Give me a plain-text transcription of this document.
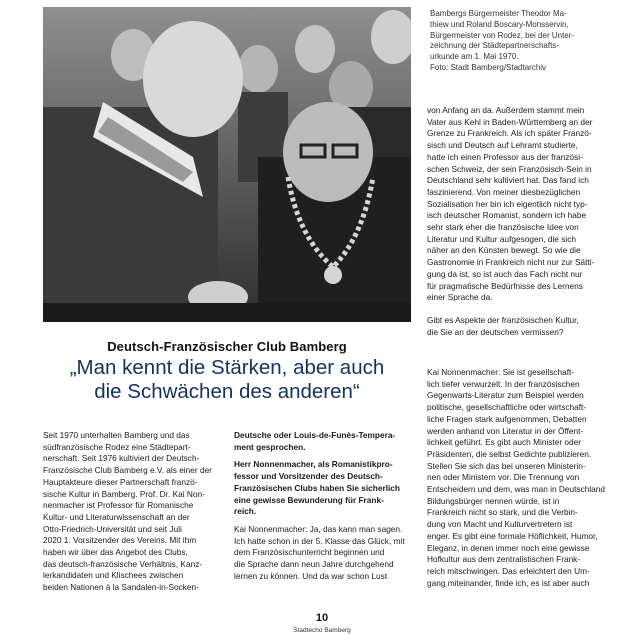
Bambergs Bürgermeister Theodor Ma-
thiew und Roland Boscary-Monsservin,
Bürgermeister von Rodez, bei der Unter-
zeichnung der Städtepartnerschafts-
urkunde am 1. Mai 1970.
Foto: Stadt Bamberg/Stadtarchiv
Deutsch-Französischer Club Bamberg
„Man kennt die Stärken, aber auch
die Schwächen des anderen“
Seit 1970 unterhalten Bamberg und das
südfranzösische Rodez eine Städtepart-
nerschaft. Seit 1976 kultiviert der Deutsch-
Französische Club Bamberg e.V. als einer der
Hauptakteure dieser Partnerschaft franzö-
sische Kultur in Bamberg. Prof. Dr. Kai Non-
nenmacher ist Professor für Romanische
Kultur- und Literaturwissenschaft an der
Otto-Friedrich-Universität und seit Juli
2020 1. Vorsitzender des Vereins. Mit ihm
haben wir über das Angebot des Clubs,
das deutsch-französische Verhältnis, Kanz-
lerkandidaten und Klischees zwischen
beiden Nationen à la Sandalen-in-Socken-
Deutsche oder Louis-de-Funès-Tempera-
ment gesprochen.
Herr Nonnenmacher, als Romanistikpro-
fessor und Vorsitzender des Deutsch-
Französischen Clubs haben Sie sicherlich
eine gewisse Bewunderung für Frank-
reich.
Kai Nonnenmacher: Ja, das kann man sagen.
Ich hatte schon in der 5. Klasse das Glück, mit
dem Französischunterricht beginnen und
die Sprache dann neun Jahre durchgehend
lernen zu können. Und da war schon Lust
von Anfang an da. Außerdem stammt mein
Vater aus Kehl in Baden-Württemberg an der
Grenze zu Frankreich. Als ich später Franzö-
sisch und Deutsch auf Lehramt studierte,
hatte ich einen Professor aus der französi-
schen Schweiz, der sein Französisch-Sein in
Deutschland sehr kultiviert hat. Das fand ich
faszinierend. Von meiner diesbezüglichen
Sozialisation her bin ich eigentlich nicht typ-
isch deutscher Romanist, sondern ich habe
sehr stark eher die französische Idee von
Literatur und Kultur aufgesogen, die sich
näher an den Künsten bewegt. So wie die
Gastronomie in Frankreich nicht nur zur Sätti-
gung da ist, so ist auch das Fach nicht nur
für pragmatische Bedürfnisse des Lernens
einer Sprache da.
Gibt es Aspekte der französischen Kultur,
die Sie an der deutschen vermissen?
Kai Nonnenmacher: Sie ist gesellschaft-
lich tiefer verwurzelt. In der französischen
Gegenwarts-Literatur zum Beispiel werden
politische, gesellschaftliche oder wirtschaft-
liche Fragen stark aufgenommen, Debatten
werden anhand von Literatur in der Öffent-
lichkeit geführt. Es gibt auch Minister oder
Präsidenten, die selbst Gedichte publizieren.
Stellen Sie sich das bei unseren Ministerin-
nen oder Ministern vor. Die Trennung von
Entscheidern und dem, was man in Deutschland
Bildungsbürger nennen würde, ist in
Frankreich nicht so stark, und die Verbin-
dung von Macht und Kulturvertretern ist
enger. Es gibt eine formale Höflichkeit, Humor,
Eleganz, in denen immer noch eine gewisse
Hofkultur aus dem zentralistischen Frank-
reich mitschwingen. Das erleichtert den Um-
gang miteinander, finde ich, es ist aber auch
10
Stadtecho Bamberg
